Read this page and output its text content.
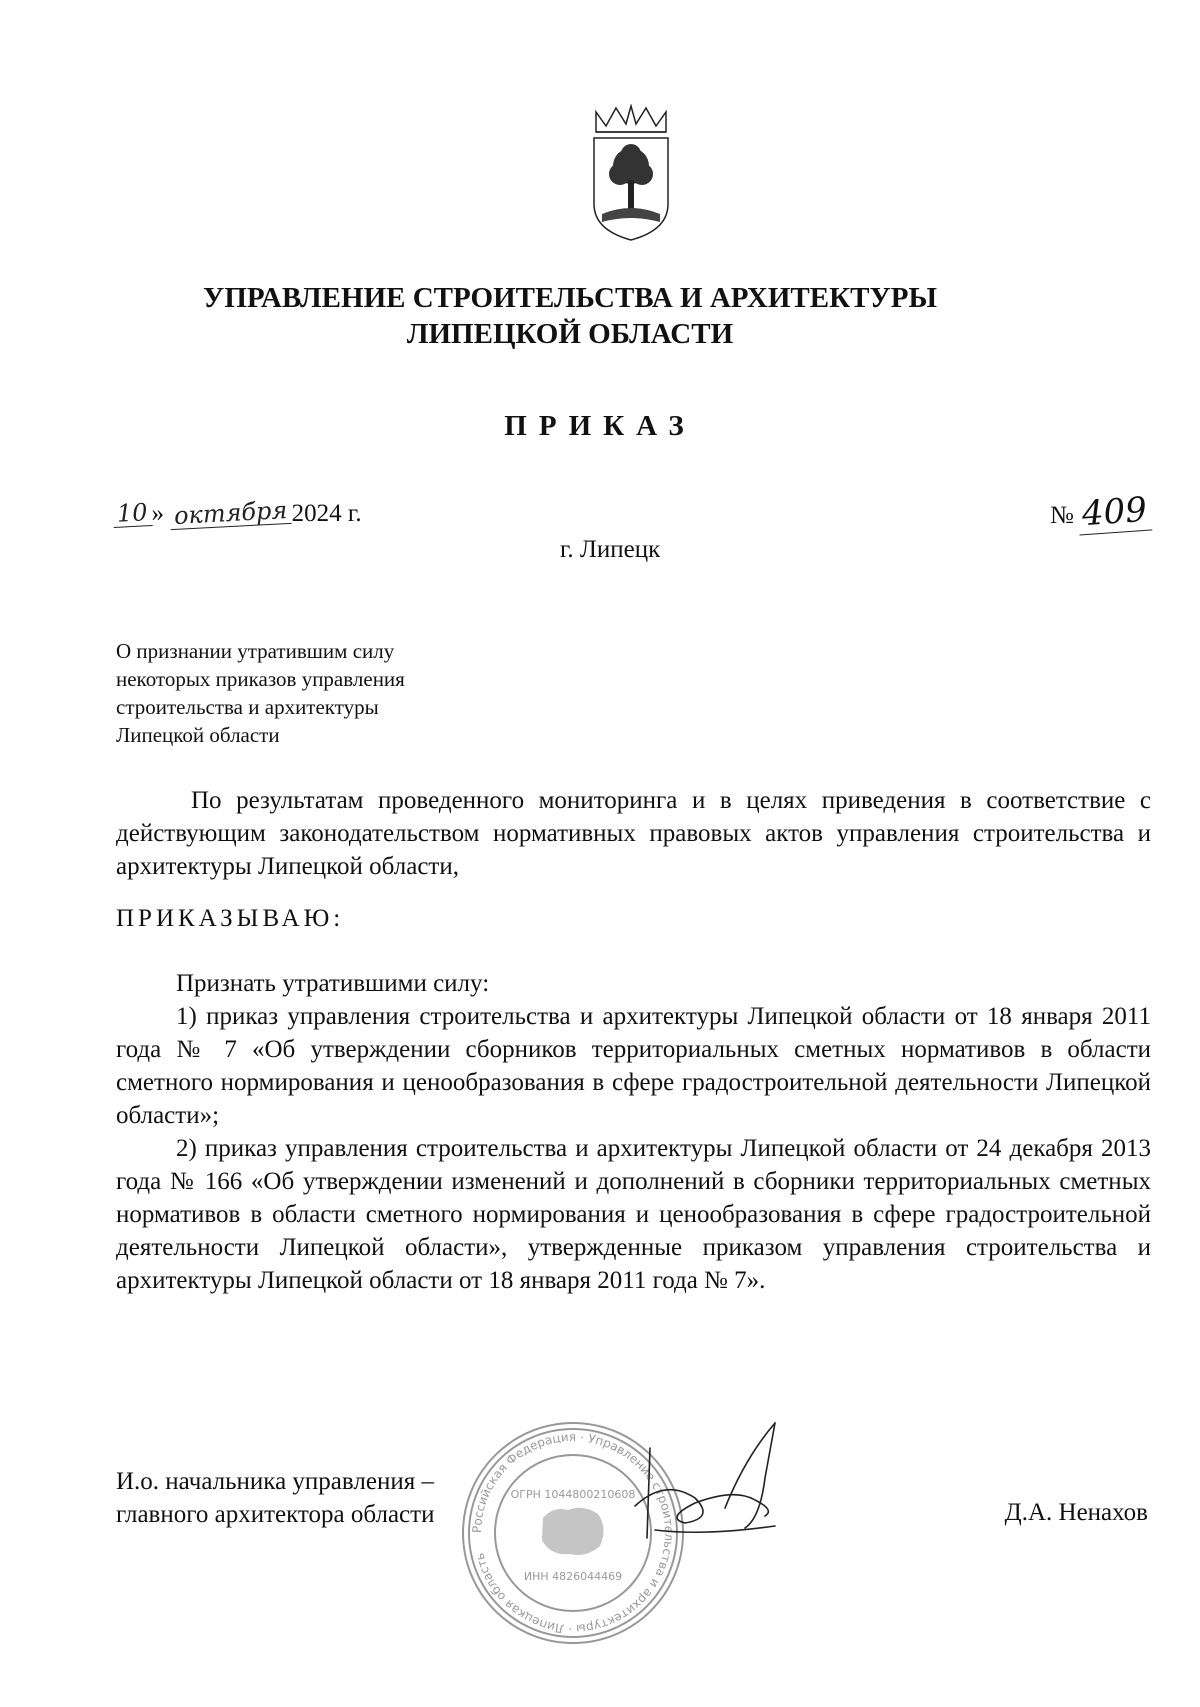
УПРАВЛЕНИЕ СТРОИТЕЛЬСТВА И АРХИТЕКТУРЫ
ЛИПЕЦКОЙ ОБЛАСТИ
ПРИКАЗ
10 » октября 2024 г.	№ 409
г. Липецк
О признании утратившим силу
некоторых приказов управления
строительства и архитектуры
Липецкой области
По результатам проведенного мониторинга и в целях приведения в соответствие с действующим законодательством нормативных правовых актов управления строительства и архитектуры Липецкой области,
ПРИКАЗЫВАЮ:
Признать утратившими силу:
1) приказ управления строительства и архитектуры Липецкой области от 18 января 2011 года № 7 «Об утверждении сборников территориальных сметных нормативов в области сметного нормирования и ценообразования в сфере градостроительной деятельности Липецкой области»;
2) приказ управления строительства и архитектуры Липецкой области от 24 декабря 2013 года № 166 «Об утверждении изменений и дополнений в сборники территориальных сметных нормативов в области сметного нормирования и ценообразования в сфере градостроительной деятельности Липецкой области», утвержденные приказом управления строительства и архитектуры Липецкой области от 18 января 2011 года № 7».
Российская Федерация · Управление строительства и архитектуры · Липецкая область
ОГРН 1044800210608
ИНН 4826044469
И.о. начальника управления –
главного архитектора области	Д.А. Ненахов
